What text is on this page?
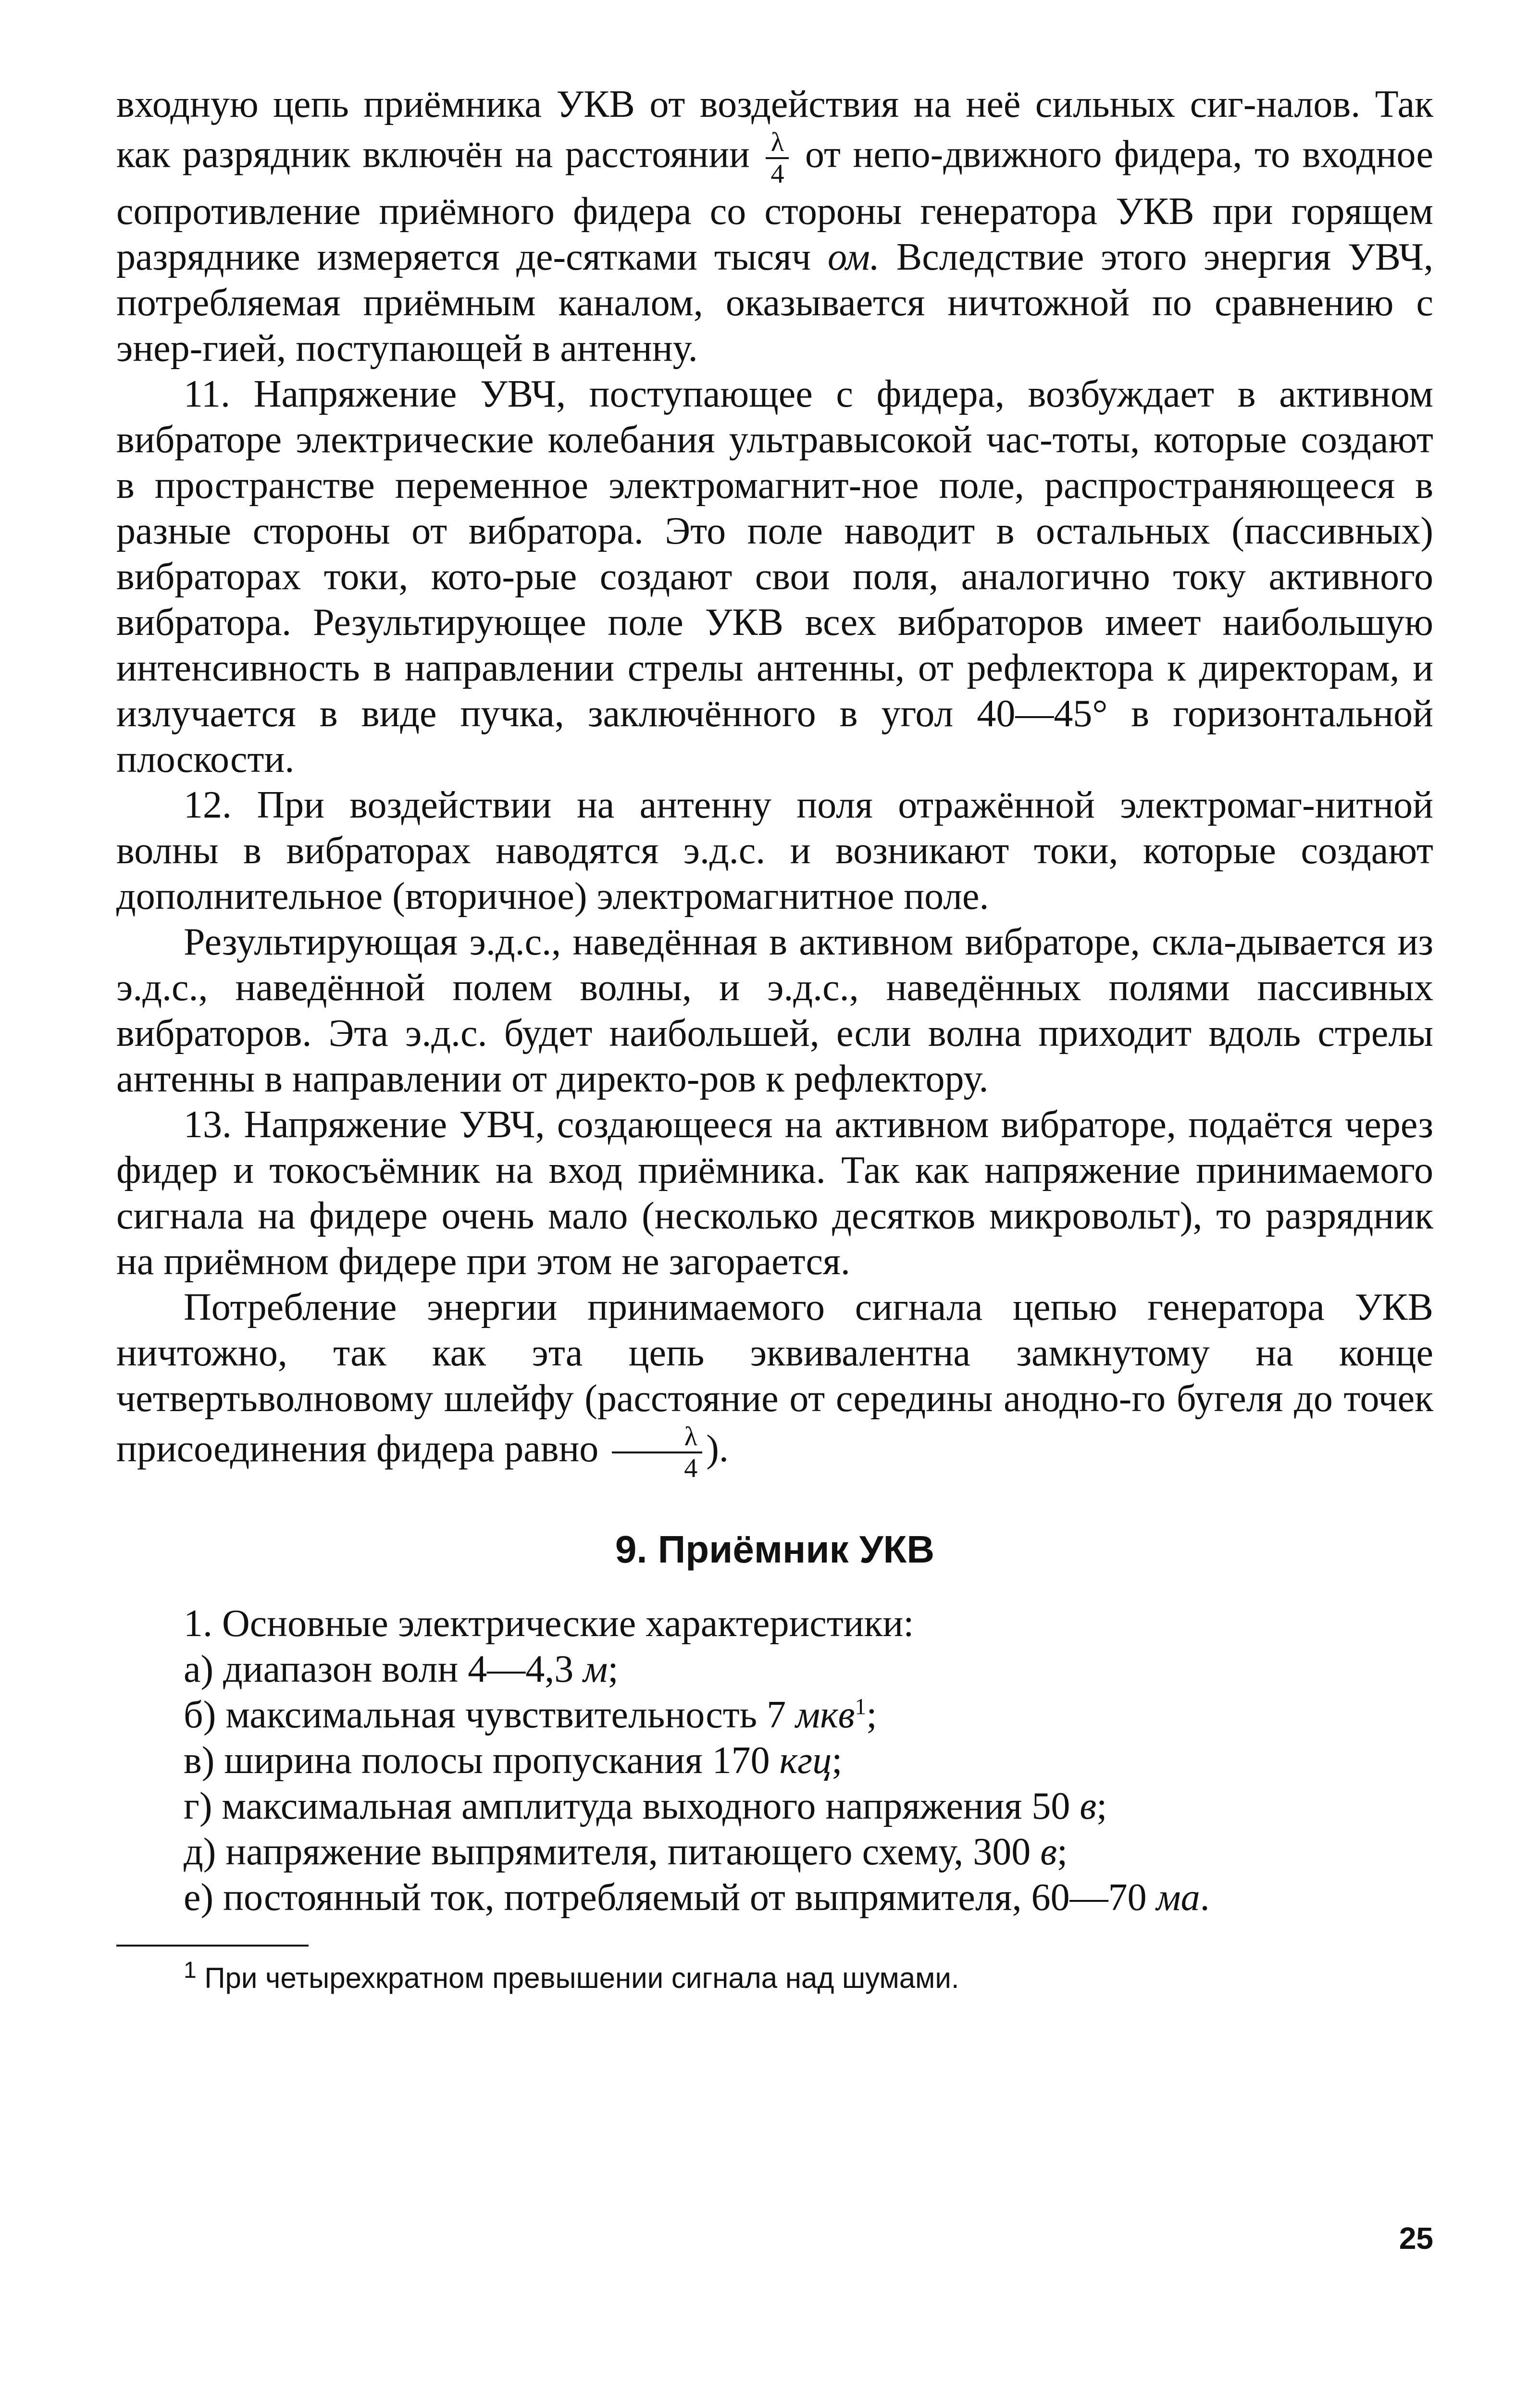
входную цепь приёмника УКВ от воздействия на неё сильных сиг-налов. Так как разрядник включён на расстоянии $\frac{\lambda}{4}$ от непо-движного фидера, то входное сопротивление приёмного фидера со стороны генератора УКВ при горящем разряднике измеряется де-сятками тысяч ом. Вследствие этого энергия УВЧ, потребляемая приёмным каналом, оказывается ничтожной по сравнению с энер-гией, поступающей в антенну.

11. Напряжение УВЧ, поступающее с фидера, возбуждает в активном вибраторе электрические колебания ультравысокой час-тоты, которые создают в пространстве переменное электромагнит-ное поле, распространяющееся в разные стороны от вибратора. Это поле наводит в остальных (пассивных) вибраторах токи, кото-рые создают свои поля, аналогично току активного вибратора. Результирующее поле УКВ всех вибраторов имеет наибольшую интенсивность в направлении стрелы антенны, от рефлектора к директорам, и излучается в виде пучка, заключённого в угол 40—45° в горизонтальной плоскости.

12. При воздействии на антенну поля отражённой электромаг-нитной волны в вибраторах наводятся э.д.с. и возникают токи, которые создают дополнительное (вторичное) электромагнитное поле.

Результирующая э.д.с., наведённая в активном вибраторе, скла-дывается из э.д.с., наведённой полем волны, и э.д.с., наведённых полями пассивных вибраторов. Эта э.д.с. будет наибольшей, если волна приходит вдоль стрелы антенны в направлении от директо-ров к рефлектору.

13. Напряжение УВЧ, создающееся на активном вибраторе, подаётся через фидер и токосъёмник на вход приёмника. Так как напряжение принимаемого сигнала на фидере очень мало (несколько десятков микровольт), то разрядник на приёмном фидере при этом не загорается.

Потребление энергии принимаемого сигнала цепью генератора УКВ ничтожно, так как эта цепь эквивалентна замкнутому на конце четвертьволновому шлейфу (расстояние от середины анодно-го бугеля до точек присоединения фидера равно $\frac{\lambda}{4}$ ).

9. Приёмник УКВ

1. Основные электрические характеристики:

а) диапазон волн 4—4,3 м;
б) максимальная чувствительность 7 мкв$^1$;
в) ширина полосы пропускания 170 кгц;
г) максимальная амплитуда выходного напряжения 50 в;
д) напряжение выпрямителя, питающего схему, 300 в;
е) постоянный ток, потребляемый от выпрямителя, 60—70 ма.
$^1$ При четырехкратном превышении сигнала над шумами.
25
